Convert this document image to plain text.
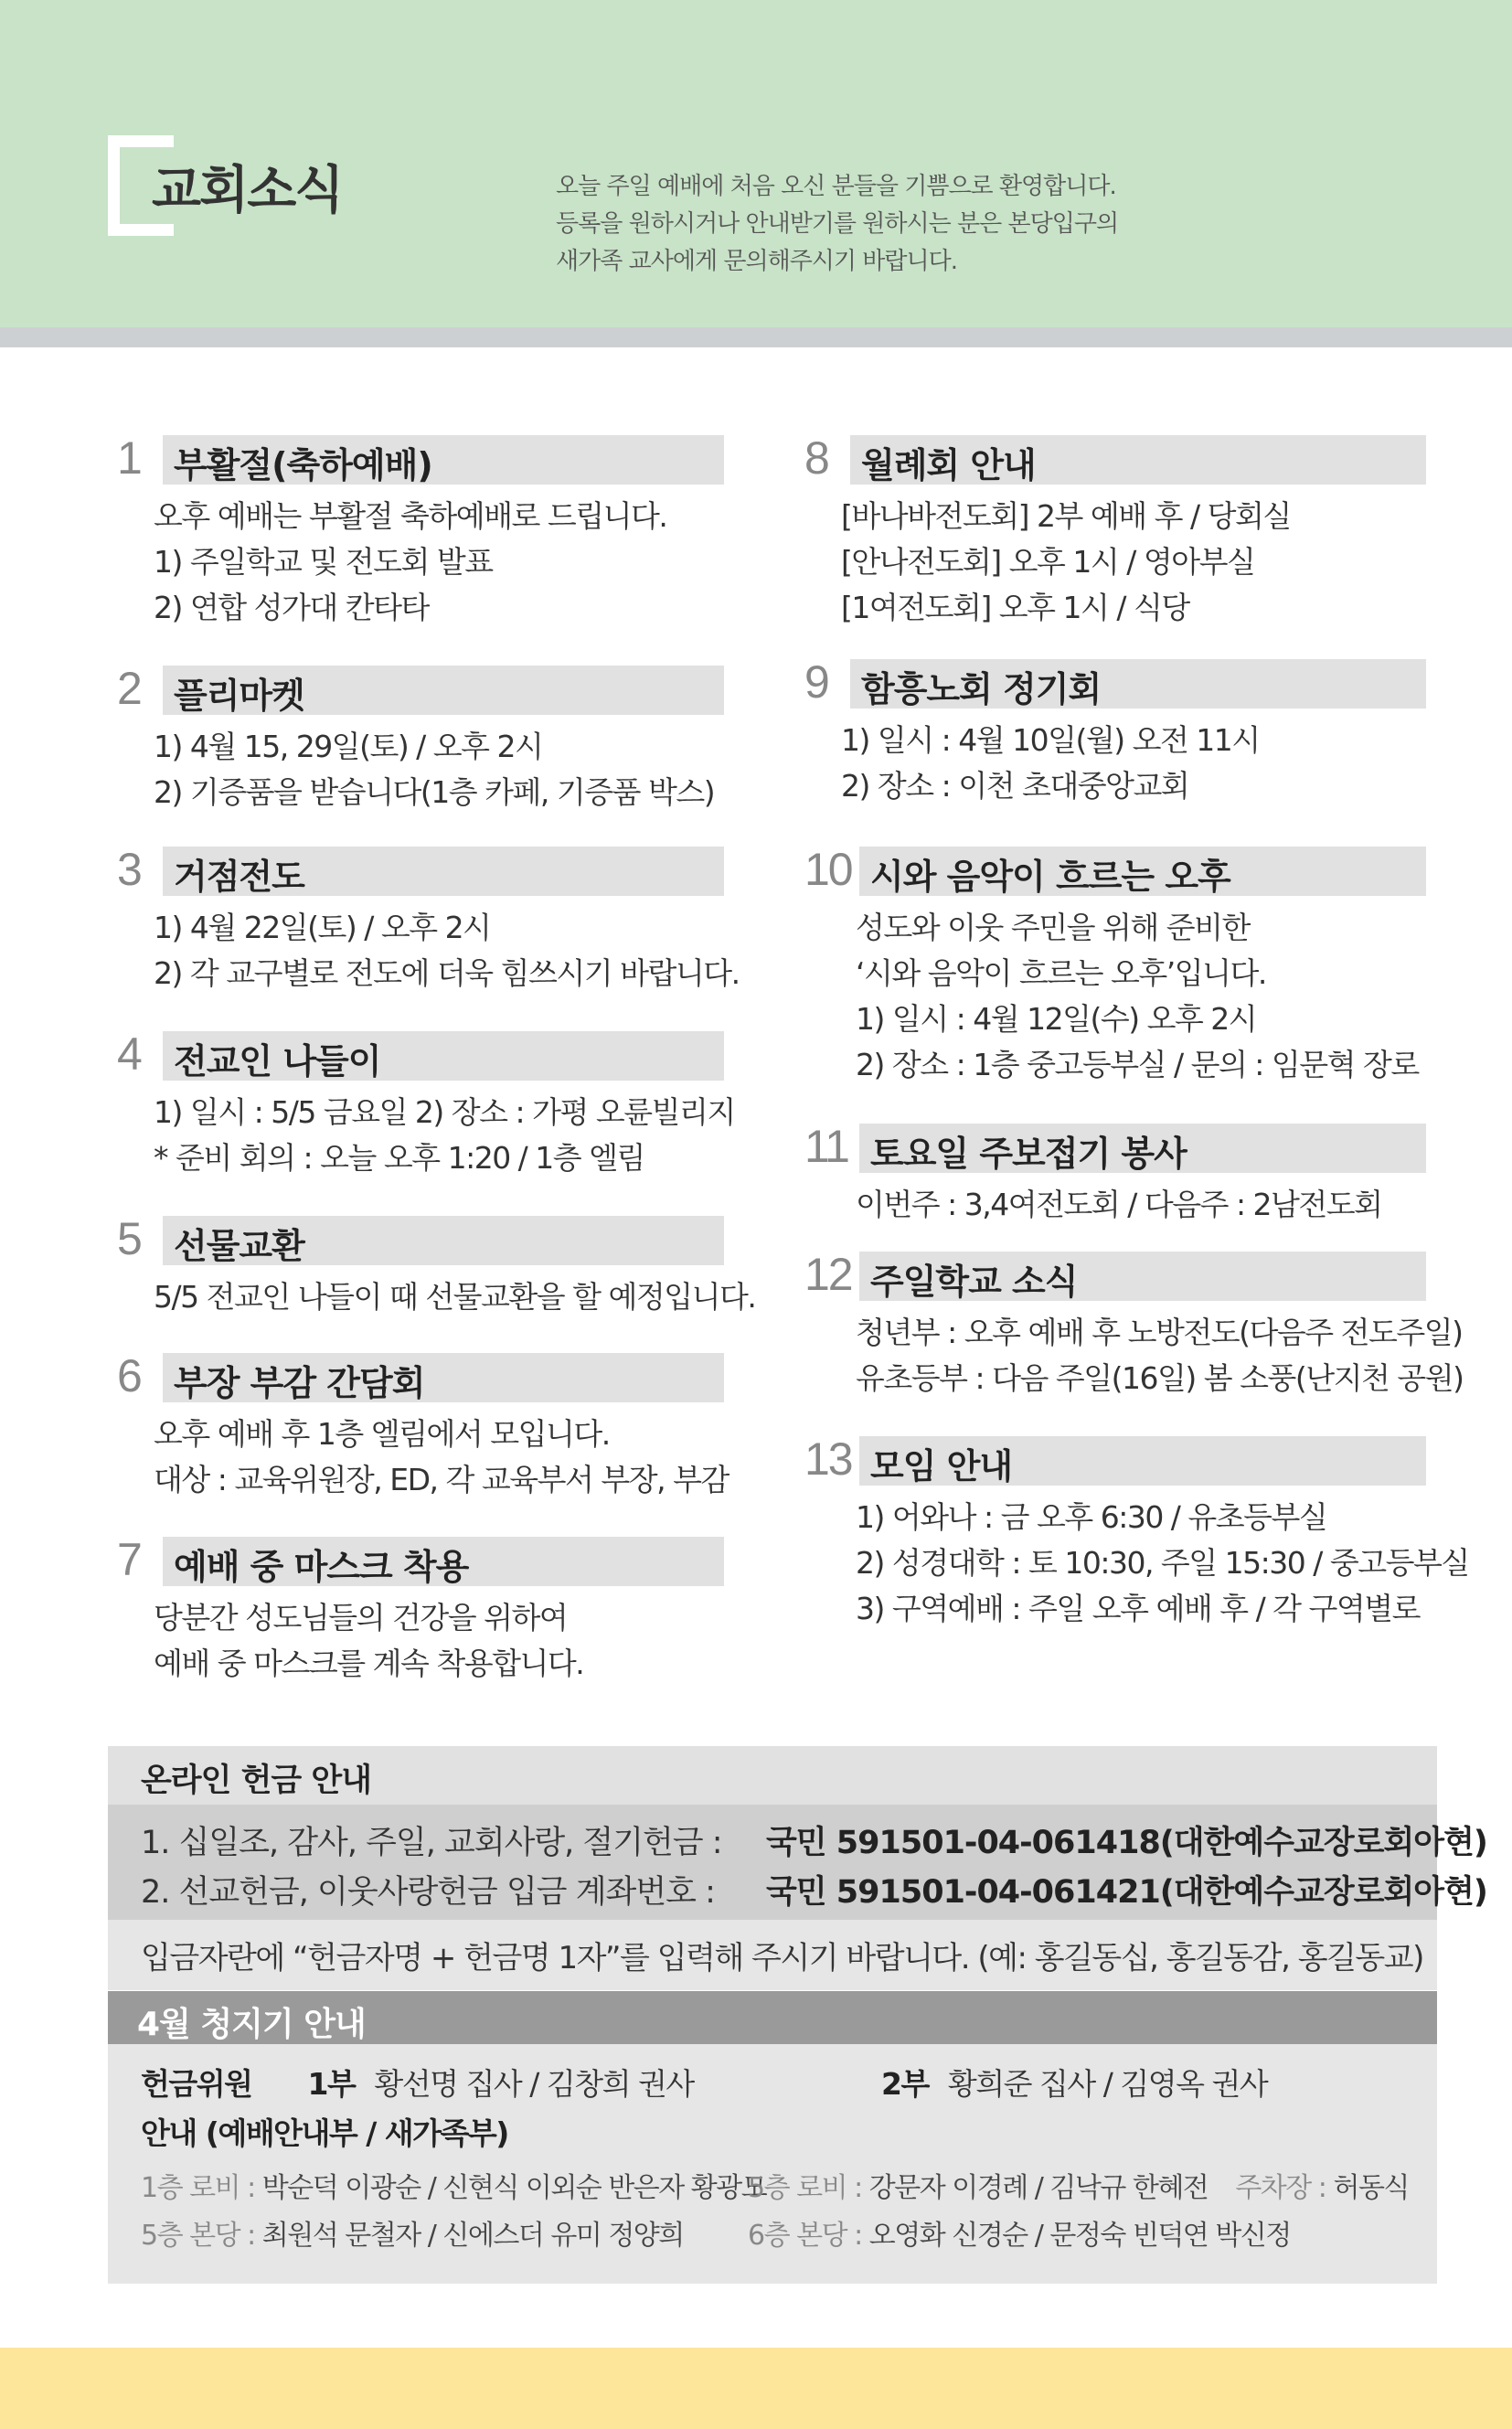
교회소식	오늘 주일 예배에 처음 오신 분들을 기쁨으로 환영합니다.
등록을 원하시거나 안내받기를 원하시는 분은 본당입구의
새가족 교사에게 문의해주시기 바랍니다.
1 부활절(축하예배)
오후 예배는 부활절 축하예배로 드립니다.
1) 주일학교 및 전도회 발표
2) 연합 성가대 칸타타
2 플리마켓
1) 4월 15, 29일(토) / 오후 2시
2) 기증품을 받습니다(1층 카페, 기증품 박스)
3 거점전도
1) 4월 22일(토) / 오후 2시
2) 각 교구별로 전도에 더욱 힘쓰시기 바랍니다.
4 전교인 나들이
1) 일시 : 5/5 금요일 2) 장소 : 가평 오륜빌리지
* 준비 회의 : 오늘 오후 1:20 / 1층 엘림
5 선물교환
5/5 전교인 나들이 때 선물교환을 할 예정입니다.
6 부장 부감 간담회
오후 예배 후 1층 엘림에서 모입니다.
대상 : 교육위원장, ED, 각 교육부서 부장, 부감
7 예배 중 마스크 착용
당분간 성도님들의 건강을 위하여
예배 중 마스크를 계속 착용합니다.
8 월례회 안내
[바나바전도회] 2부 예배 후 / 당회실
[안나전도회] 오후 1시 / 영아부실
[1여전도회] 오후 1시 / 식당
9 함흥노회 정기회
1) 일시 : 4월 10일(월) 오전 11시
2) 장소 : 이천 초대중앙교회
10 시와 음악이 흐르는 오후
성도와 이웃 주민을 위해 준비한
‘시와 음악이 흐르는 오후’입니다.
1) 일시 : 4월 12일(수) 오후 2시
2) 장소 : 1층 중고등부실 / 문의 : 임문혁 장로
11 토요일 주보접기 봉사
이번주 : 3,4여전도회 / 다음주 : 2남전도회
12 주일학교 소식
청년부 : 오후 예배 후 노방전도(다음주 전도주일)
유초등부 : 다음 주일(16일) 봄 소풍(난지천 공원)
13 모임 안내
1) 어와나 : 금 오후 6:30 / 유초등부실
2) 성경대학 : 토 10:30, 주일 15:30 / 중고등부실
3) 구역예배 : 주일 오후 예배 후 / 각 구역별로
온라인 헌금 안내
1. 십일조, 감사, 주일, 교회사랑, 절기헌금 : 국민 591501-04-061418(대한예수교장로회아현)
2. 선교헌금, 이웃사랑헌금 입금 계좌번호 : 국민 591501-04-061421(대한예수교장로회아현)
입금자란에 “헌금자명 + 헌금명 1자”를 입력해 주시기 바랍니다. (예: 홍길동십, 홍길동감, 홍길동교)
4월 청지기 안내
헌금위원 1부 황선명 집사 / 김창희 권사	2부 황희준 집사 / 김영옥 권사
안내 (예배안내부 / 새가족부)
1층 로비 : 박순덕 이광순 / 신현식 이외순 반은자 황광모
5층 로비 : 강문자 이경례 / 김낙규 한혜전 주차장 : 허동식
5층 본당 : 최원석 문철자 / 신에스더 유미 정양희 6층 본당 : 오영화 신경순 / 문정숙 빈덕연 박신정
